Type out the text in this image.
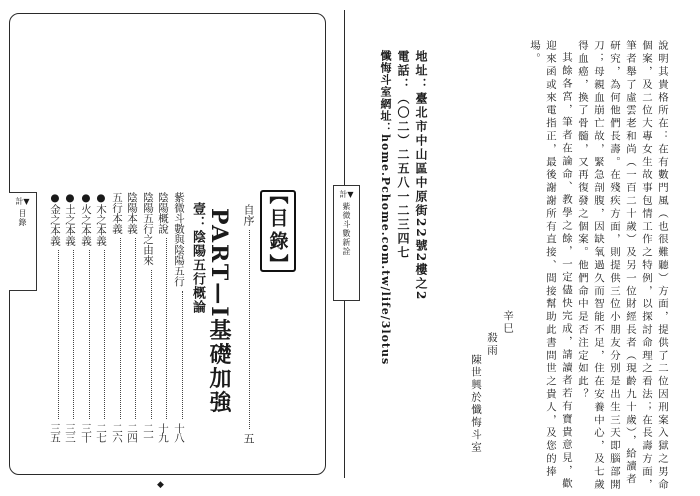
計▼
目錄	【目錄】
自序
五
PART—I基礎加強
壹：陰陽五行概論
紫微斗數與陰陽五行
十八
陰陽概說
十九
陰陽五行之由來
二一
陰陽本義
二四
五行本義
二六
●木之本義
二七
●火之本義
三十
●土之本義
三三
●金之本義
三五
◆
計▼
紫微斗數新詮	說明其貴格所在：在有數門風（也很難聽）方面，提供了二位因刑案入獄之男命
個案，及二位大專女生故事包情工作之特例，以探討命理之看法；在長壽方面，
筆者舉了虛雲老和尚（一百二十歲）及另一位財經長者（現齡九十歲），給讀者
研究，為何他們長壽。在殘疾方面，則提供三位小朋友分別是出生三天即腦部開
刀；母親血崩亡故，緊急剖腹，因缺氧過久而智能不足，住在安養中心，及七歲
得血癌，換了骨髓，又再復發之個案。他們命中是否注定如此？
其餘各宮，筆者在論命、教學之餘，一定儘快完成，請讀者若有寶貴意見，歡
迎來函或來電指正，最後謝謝所有直接、間接幫助此書問世之貴人，及您的捧
場。
辛巳
殺雨
陳世興於懺悔斗室
地址：臺北市中山區中原街22號2樓之2
電話：（〇二）二五八一二三四七
懺悔斗室網址：home.Pchome.com.tw/life/3lotus
